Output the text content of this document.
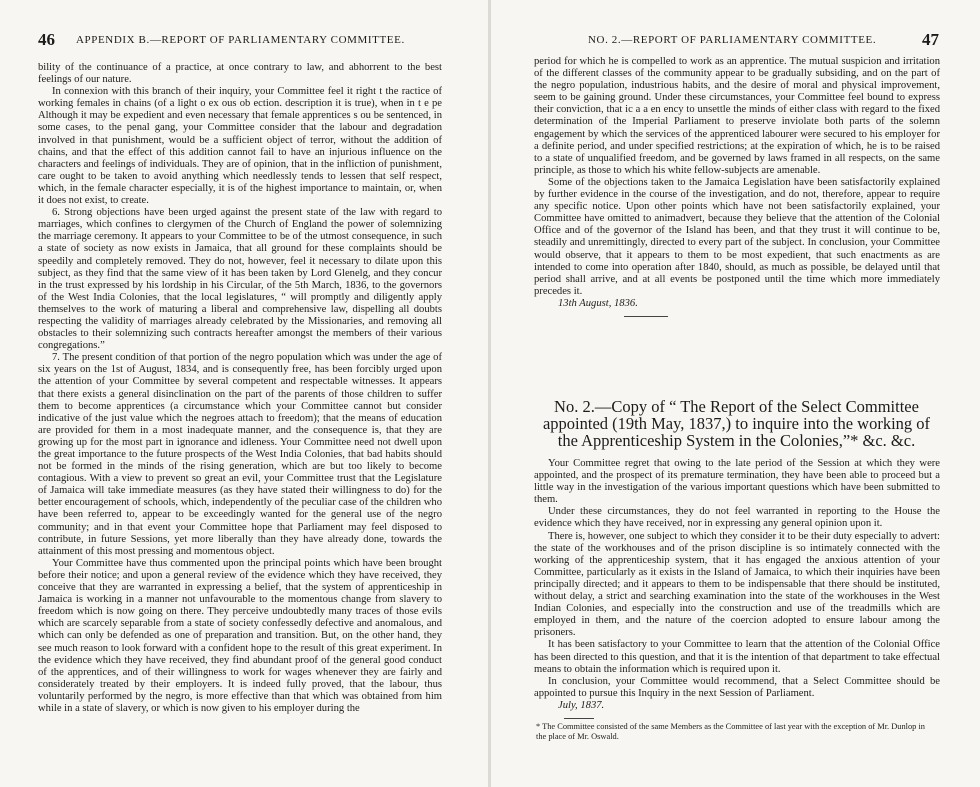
46 APPENDIX B.—REPORT OF PARLIAMENTARY COMMITTEE.

bility of the continuance of a practice, at once contrary to law, and abhorrent to the best feelings of our nature.

In connexion with this branch of their inquiry, your Committee feel it right t the ractice of working females in chains (of a light o ex ous ob ection. description it is true), when in t e pe Although it may be expedient and even necessary that female apprentices s ou be sentenced, in some cases, to the penal gang, your Committee consider that the labour and degradation involved in that punishment, would be a sufficient object of terror, without the addition of chains, and that the effect of this addition cannot fail to have an injurious influence on the characters and feelings of individuals. They are of opinion, that in the infliction of punishment, care ought to be taken to avoid anything which needlessly tends to lessen that self respect, which, in the female character especially, it is of the highest importance to maintain, or, when it does not exist, to create.

6. Strong objections have been urged against the present state of the law with regard to marriages, which confines to clergymen of the Church of England the power of solemnizing the marriage ceremony. It appears to your Committee to be of the utmost consequence, in such a state of society as now exists in Jamaica, that all ground for these complaints should be speedily and completely removed. They do not, however, feel it necessary to dilate upon this subject, as they find that the same view of it has been taken by Lord Glenelg, and they concur in the trust expressed by his lordship in his Circular, of the 5th March, 1836, to the governors of the West India Colonies, that the local legislatures, “ will promptly and diligently apply themselves to the work of maturing a liberal and comprehensive law, dispelling all doubts respecting the validity of marriages already celebrated by the Missionaries, and removing all obstacles to their solemnizing such contracts hereafter amongst the members of their various congregations.”

7. The present condition of that portion of the negro population which was under the age of six years on the 1st of August, 1834, and is consequently free, has been forcibly urged upon the attention of your Committee by several competent and respectable witnesses. It appears that there exists a general disinclination on the part of the parents of those children to suffer them to become apprentices (a circumstance which your Committee cannot but consider indicative of the just value which the negroes attach to freedom); that the means of education are provided for them in a most inadequate manner, and the consequence is, that they are growing up for the most part in ignorance and idleness. Your Committee need not dwell upon the great importance to the future prospects of the West India Colonies, that bad habits should not be formed in the minds of the rising generation, which are but too likely to become contagious. With a view to prevent so great an evil, your Committee trust that the Legislature of Jamaica will take immediate measures (as they have stated their willingness to do) for the better encouragement of schools, which, independently of the peculiar case of the children who have been referred to, appear to be exceedingly wanted for the general use of the negro community; and in that event your Committee hope that Parliament may feel disposed to contribute, in future Sessions, yet more liberally than they have already done, towards the attainment of this most pressing and momentous object.

Your Committee have thus commented upon the principal points which have been brought before their notice; and upon a general review of the evidence which they have received, they conceive that they are warranted in expressing a belief, that the system of apprenticeship in Jamaica is working in a manner not unfavourable to the momentous change from slavery to freedom which is now going on there. They perceive undoubtedly many traces of those evils which are scarcely separable from a state of society confessedly defective and anomalous, and which can only be defended as one of preparation and transition. But, on the other hand, they see much reason to look forward with a confident hope to the result of this great experiment. In the evidence which they have received, they find abundant proof of the general good conduct of the apprentices, and of their willingness to work for wages whenever they are fairly and considerately treated by their employers. It is indeed fully proved, that the labour, thus voluntarily performed by the negro, is more effective than that which was obtained from him while in a state of slavery, or which is now given to his employer during the

NO. 2.—REPORT OF PARLIAMENTARY COMMITTEE.	47

period for which he is compelled to work as an apprentice. The mutual suspicion and irritation of the different classes of the community appear to be gradually subsiding, and on the part of the negro population, industrious habits, and the desire of moral and physical improvement, seem to be gaining ground. Under these circumstances, your Committee feel bound to express their conviction, that ic a a en ency to unsettle the minds of either class with regard to the fixed determination of the Imperial Parliament to preserve inviolate both parts of the solemn engagement by which the services of the apprenticed labourer were secured to his employer for a definite period, and under specified restrictions; at the expiration of which, he is to be raised to a state of unqualified freedom, and be governed by laws framed in all respects, on the same principle, as those to which his white fellow-subjects are amenable.

Some of the objections taken to the Jamaica Legislation have been satisfactorily explained by further evidence in the course of the investigation, and do not, therefore, appear to require any specific notice. Upon other points which have not been satisfactorily explained, your Committee have omitted to animadvert, because they believe that the attention of the Colonial Office and of the governor of the Island has been, and that they trust it will continue to be, steadily and unremittingly, directed to every part of the subject. In conclusion, your Committee would observe, that it appears to them to be most expedient, that such enactments as are intended to come into operation after 1840, should, as much as possible, be delayed until that period shall arrive, and at all events be postponed until the time which more immediately precedes it.

13th August, 1836.

No. 2.—Copy of “ The Report of the Select Committee appointed (19th May, 1837,) to inquire into the working of the Apprenticeship System in the Colonies,”* &c. &c.

Your Committee regret that owing to the late period of the Session at which they were appointed, and the prospect of its premature termination, they have been able to proceed but a little way in the investigation of the various important questions which have been submitted to them.

Under these circumstances, they do not feel warranted in reporting to the House the evidence which they have received, nor in expressing any general opinion upon it.

There is, however, one subject to which they consider it to be their duty especially to advert: the state of the workhouses and of the prison discipline is so intimately connected with the working of the apprenticeship system, that it has engaged the anxious attention of your Committee, particularly as it exists in the Island of Jamaica, to which their inquiries have been principally directed; and it appears to them to be indispensable that there should be instituted, without delay, a strict and searching examination into the state of the workhouses in the West Indian Colonies, and especially into the construction and use of the treadmills which are employed in them, and the nature of the coercion adopted to ensure labour among the prisoners.

It has been satisfactory to your Committee to learn that the attention of the Colonial Office has been directed to this question, and that it is the intention of that department to take effectual means to obtain the information which is required upon it.

In conclusion, your Committee would recommend, that a Select Committee should be appointed to pursue this Inquiry in the next Session of Parliament.

July, 1837.

* The Committee consisted of the same Members as the Committee of last year with the exception of Mr. Dunlop in the place of Mr. Oswald.
